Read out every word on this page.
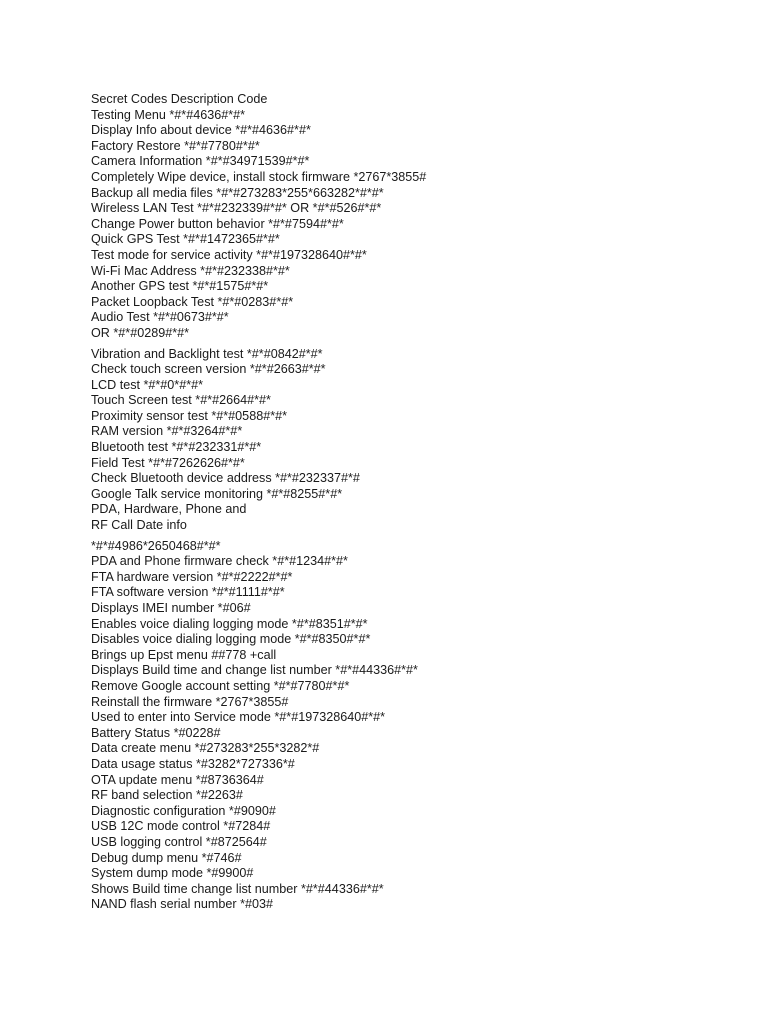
Secret Codes Description Code
Testing Menu *#*#4636#*#*
Display Info about device *#*#4636#*#*
Factory Restore *#*#7780#*#*
Camera Information *#*#34971539#*#*
Completely Wipe device, install stock firmware *2767*3855#
Backup all media files *#*#273283*255*663282*#*#*
Wireless LAN Test *#*#232339#*#* OR *#*#526#*#*
Change Power button behavior *#*#7594#*#*
Quick GPS Test *#*#1472365#*#*
Test mode for service activity *#*#197328640#*#*
Wi-Fi Mac Address *#*#232338#*#*
Another GPS test *#*#1575#*#*
Packet Loopback Test *#*#0283#*#*
Audio Test *#*#0673#*#*
OR *#*#0289#*#*
Vibration and Backlight test *#*#0842#*#*
Check touch screen version *#*#2663#*#*
LCD test *#*#0*#*#*
Touch Screen test *#*#2664#*#*
Proximity sensor test *#*#0588#*#*
RAM version *#*#3264#*#*
Bluetooth test *#*#232331#*#*
Field Test *#*#7262626#*#*
Check Bluetooth device address *#*#232337#*#
Google Talk service monitoring *#*#8255#*#*
PDA, Hardware, Phone and
RF Call Date info
*#*#4986*2650468#*#*
PDA and Phone firmware check *#*#1234#*#*
FTA hardware version *#*#2222#*#*
FTA software version *#*#1111#*#*
Displays IMEI number *#06#
Enables voice dialing logging mode *#*#8351#*#*
Disables voice dialing logging mode *#*#8350#*#*
Brings up Epst menu ##778 +call
Displays Build time and change list number *#*#44336#*#*
Remove Google account setting *#*#7780#*#*
Reinstall the firmware *2767*3855#
Used to enter into Service mode *#*#197328640#*#*
Battery Status *#0228#
Data create menu *#273283*255*3282*#
Data usage status *#3282*727336*#
OTA update menu *#8736364#
RF band selection *#2263#
Diagnostic configuration *#9090#
USB 12C mode control *#7284#
USB logging control *#872564#
Debug dump menu *#746#
System dump mode *#9900#
Shows Build time change list number *#*#44336#*#*
NAND flash serial number *#03#
